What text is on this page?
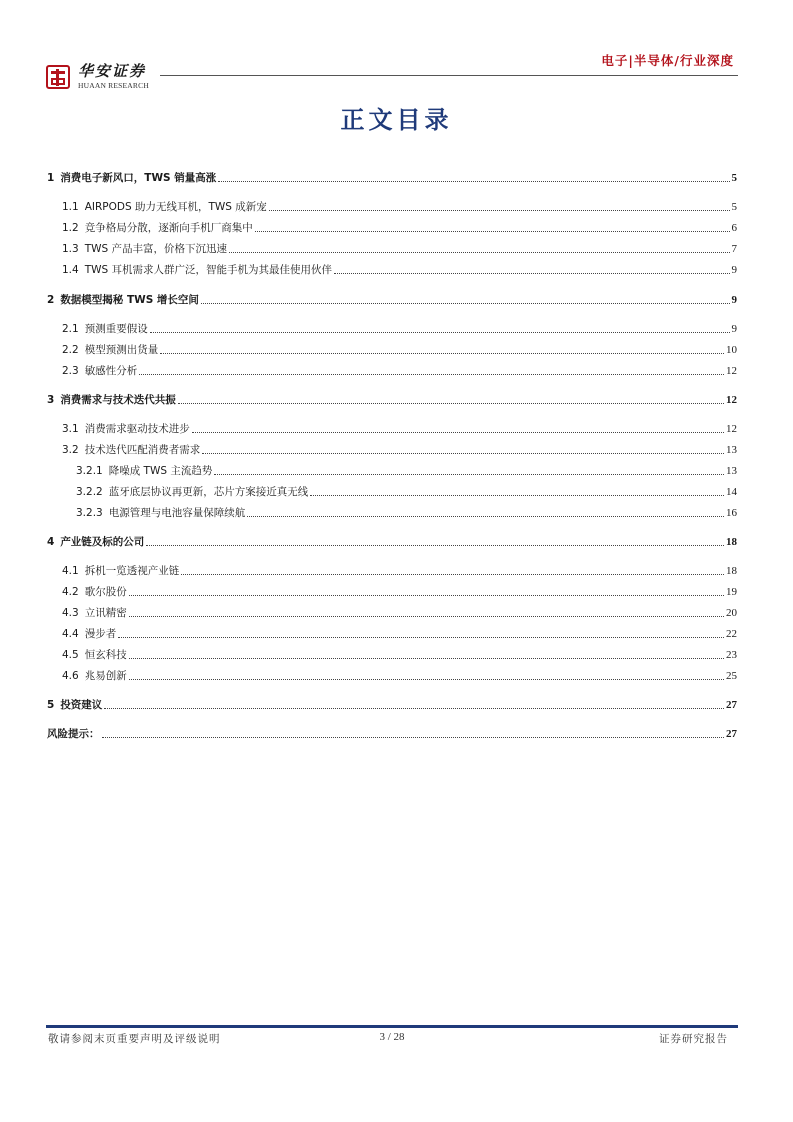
华安证券
HUAAN RESEARCH
电子|半导体/行业深度
正文目录
1 消费电子新风口，TWS 销量高涨	5
1.1 AIRPODS 助力无线耳机，TWS 成新宠	5
1.2 竞争格局分散，逐渐向手机厂商集中	6
1.3 TWS 产品丰富，价格下沉迅速	7
1.4 TWS 耳机需求人群广泛，智能手机为其最佳使用伙伴	9
2 数据模型揭秘 TWS 增长空间	9
2.1 预测重要假设	9
2.2 模型预测出货量	10
2.3 敏感性分析	12
3 消费需求与技术迭代共振	12
3.1 消费需求驱动技术进步	12
3.2 技术迭代匹配消费者需求	13
3.2.1 降噪成 TWS 主流趋势	13
3.2.2 蓝牙底层协议再更新，芯片方案接近真无线	14
3.2.3 电源管理与电池容量保障续航	16
4 产业链及标的公司	18
4.1 拆机一览透视产业链	18
4.2 歌尔股份	19
4.3 立讯精密	20
4.4 漫步者	22
4.5 恒玄科技	23
4.6 兆易创新	25
5 投资建议	27
风险提示：	27
敬请参阅末页重要声明及评级说明	3 / 28	证券研究报告
